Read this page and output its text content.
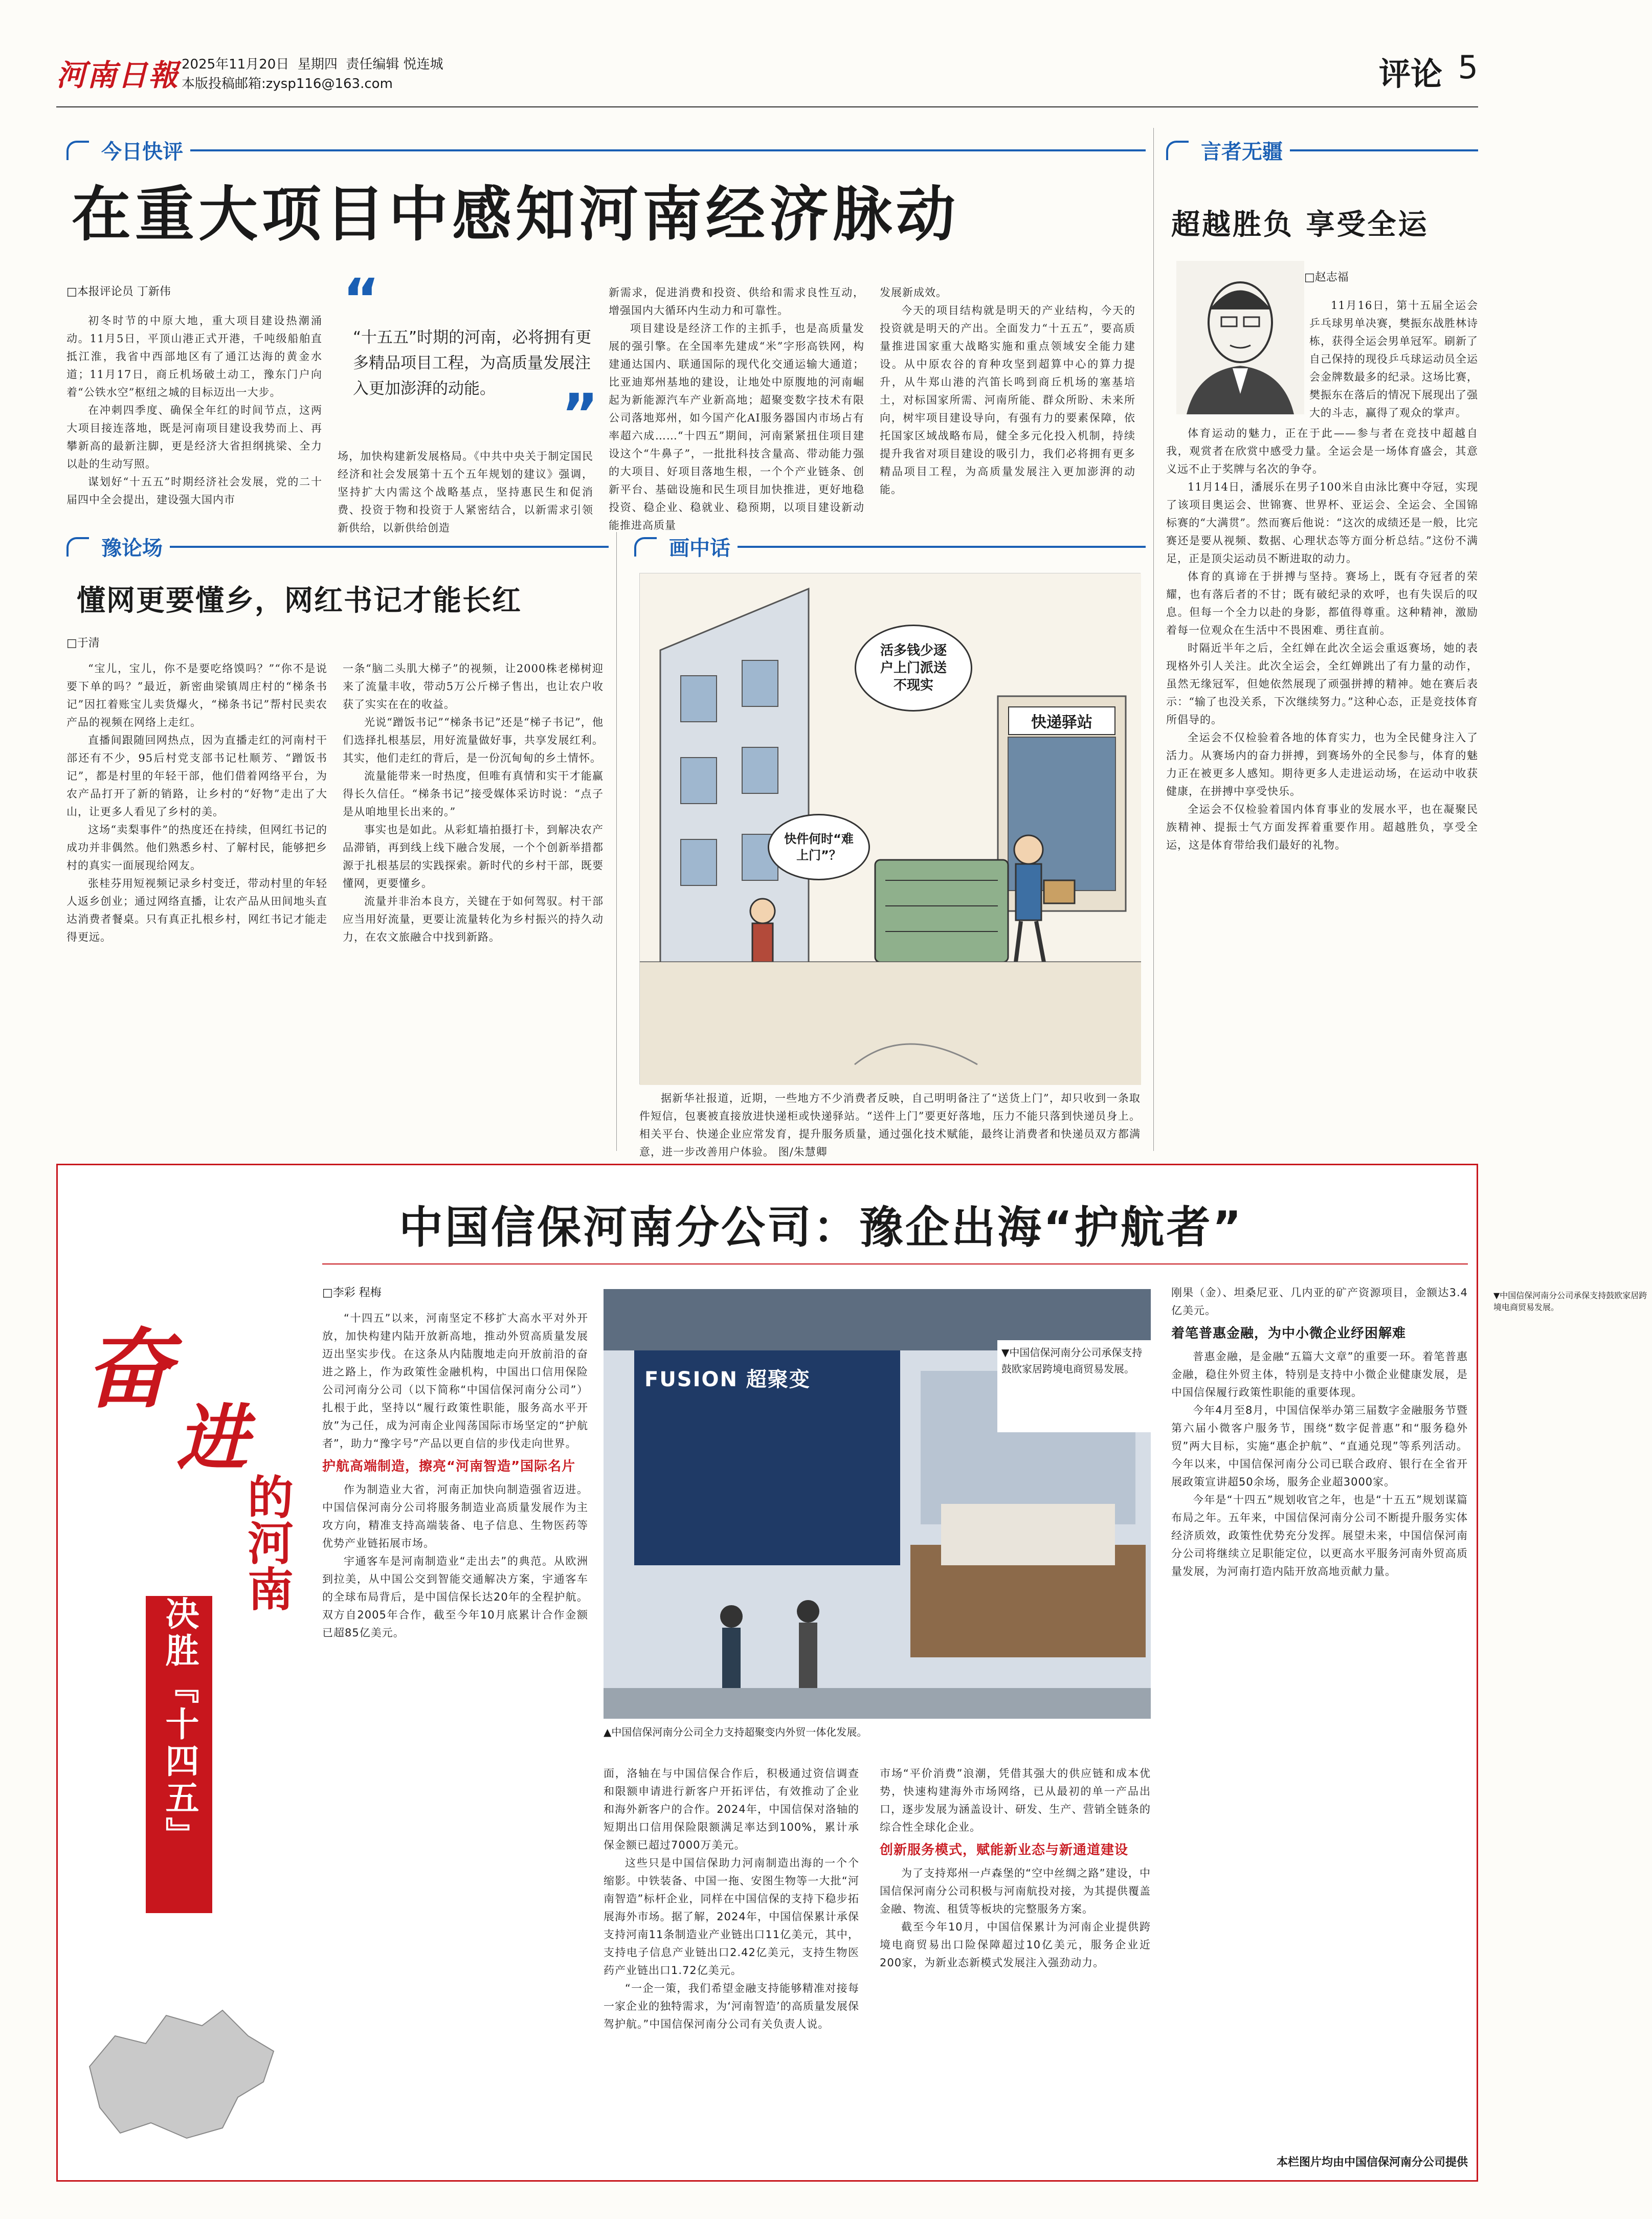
河南日報 2025年11月20日 星期四 责任编辑 悦连城
本版投稿邮箱:zysp116@163.com	评论 5
今日快评
在重大项目中感知河南经济脉动
□本报评论员 丁新伟

初冬时节的中原大地，重大项目建设热潮涌动。11月5日，平顶山港正式开港，千吨级船舶直抵江淮，我省中西部地区有了通江达海的黄金水道；11月17日，商丘机场破土动工，豫东门户向着“公铁水空”枢纽之城的目标迈出一大步。

在冲刺四季度、确保全年红的时间节点，这两大项目接连落地，既是河南项目建设我势而上、再攀新高的最新注脚，更是经济大省担纲挑梁、全力以赴的生动写照。

谋划好“十五五”时期经济社会发展，党的二十届四中全会提出，建设强大国内市

“
“十五五”时期的河南，必将拥有更多精品项目工程，为高质量发展注入更加澎湃的动能。	”

场，加快构建新发展格局。《中共中央关于制定国民经济和社会发展第十五个五年规划的建议》强调，坚持扩大内需这个战略基点，坚持惠民生和促消费、投资于物和投资于人紧密结合，以新需求引领新供给，以新供给创造

新需求，促进消费和投资、供给和需求良性互动，增强国内大循环内生动力和可靠性。

项目建设是经济工作的主抓手，也是高质量发展的强引擎。在全国率先建成“米”字形高铁网，构建通达国内、联通国际的现代化交通运输大通道；比亚迪郑州基地的建设，让地处中原腹地的河南崛起为新能源汽车产业新高地；超聚变数字技术有限公司落地郑州，如今国产化AI服务器国内市场占有率超六成……“十四五”期间，河南紧紧扭住项目建设这个“牛鼻子”，一批批科技含量高、带动能力强的大项目、好项目落地生根，一个个产业链条、创新平台、基础设施和民生项目加快推进，更好地稳投资、稳企业、稳就业、稳预期，以项目建设新动能推进高质量

发展新成效。

今天的项目结构就是明天的产业结构，今天的投资就是明天的产出。全面发力“十五五”，要高质量推进国家重大战略实施和重点领域安全能力建设。从中原农谷的育种攻坚到超算中心的算力提升，从牛郑山港的汽笛长鸣到商丘机场的塞基培土，对标国家所需、河南所能、群众所盼、未来所向，树牢项目建设导向，有强有力的要素保障，依托国家区域战略布局，健全多元化投入机制，持续提升我省对项目建设的吸引力，我们必将拥有更多精品项目工程，为高质量发展注入更加澎湃的动能。

言者无疆
超越胜负 享受全运
□赵志福

11月16日，第十五届全运会乒乓球男单决赛，樊振东战胜林诗栋，获得全运会男单冠军。刷新了自己保持的现役乒乓球运动员全运会金牌数最多的纪录。这场比赛，樊振东在落后的情况下展现出了强大的斗志，赢得了观众的掌声。

体育运动的魅力，正在于此——参与者在竞技中超越自我，观赏者在欣赏中感受力量。全运会是一场体育盛会，其意义远不止于奖牌与名次的争夺。

11月14日，潘展乐在男子100米自由泳比赛中夺冠，实现了该项目奥运会、世锦赛、世界杯、亚运会、全运会、全国锦标赛的“大满贯”。然而赛后他说：“这次的成绩还是一般，比完赛还是要从视频、数据、心理状态等方面分析总结。”这份不满足，正是顶尖运动员不断进取的动力。

体育的真谛在于拼搏与坚持。赛场上，既有夺冠者的荣耀，也有落后者的不甘；既有破纪录的欢呼，也有失误后的叹息。但每一个全力以赴的身影，都值得尊重。这种精神，激励着每一位观众在生活中不畏困难、勇往直前。

时隔近半年之后，全红婵在此次全运会重返赛场，她的表现格外引人关注。此次全运会，全红婵跳出了有力量的动作，虽然无缘冠军，但她依然展现了顽强拼搏的精神。她在赛后表示：“输了也没关系，下次继续努力。”这种心态，正是竞技体育所倡导的。

全运会不仅检验着各地的体育实力，也为全民健身注入了活力。从赛场内的奋力拼搏，到赛场外的全民参与，体育的魅力正在被更多人感知。期待更多人走进运动场，在运动中收获健康，在拼搏中享受快乐。

全运会不仅检验着国内体育事业的发展水平，也在凝聚民族精神、提振士气方面发挥着重要作用。超越胜负，享受全运，这是体育带给我们最好的礼物。

豫论场
懂网更要懂乡，网红书记才能长红
□于清

“宝儿，宝儿，你不是要吃络馍吗？”“你不是说要下单的吗？”最近，新密曲梁镇周庄村的“梯条书记”因扛着账宝儿卖货爆火，“梯条书记”帮村民卖农产品的视频在网络上走红。

直播间跟随回网热点，因为直播走红的河南村干部还有不少，95后村党支部书记杜顺芳、“蹭饭书记”，都是村里的年轻干部，他们借着网络平台，为农产品打开了新的销路，让乡村的“好物”走出了大山，让更多人看见了乡村的美。

这场“卖梨事件”的热度还在持续，但网红书记的成功并非偶然。他们熟悉乡村、了解村民，能够把乡村的真实一面展现给网友。

张桂芬用短视频记录乡村变迁，带动村里的年轻人返乡创业；通过网络直播，让农产品从田间地头直达消费者餐桌。只有真正扎根乡村，网红书记才能走得更远。

一条“脑二头肌大梯子”的视频，让2000株老梯树迎来了流量丰收，带动5万公斤梯子售出，也让农户收获了实实在在的收益。

光说“蹭饭书记”“梯条书记”还是“梯子书记”，他们选择扎根基层，用好流量做好事，共享发展红利。其实，他们走红的背后，是一份沉甸甸的乡土情怀。

流量能带来一时热度，但唯有真情和实干才能赢得长久信任。“梯条书记”接受媒体采访时说：“点子是从咱地里长出来的。”

事实也是如此。从彩虹墙拍摄打卡，到解决农产品滞销，再到线上线下融合发展，一个个创新举措都源于扎根基层的实践探索。新时代的乡村干部，既要懂网，更要懂乡。

流量并非治本良方，关键在于如何驾驭。村干部应当用好流量，更要让流量转化为乡村振兴的持久动力，在农文旅融合中找到新路。

画中话
快递驿站
活多钱少逐户上门派送不现实
快件何时“难上门”？
据新华社报道，近期，一些地方不少消费者反映，自己明明备注了“送货上门”，却只收到一条取件短信，包裹被直接放进快递柜或快递驿站。“送件上门”要更好落地，压力不能只落到快递员身上。相关平台、快递企业应常发育，提升服务质量，通过强化技术赋能，最终让消费者和快递员双方都满意，进一步改善用户体验。 图/朱慧卿
中国信保河南分公司：豫企出海“护航者”
奋
进
的河南
决胜『十四五』
□李彩 程梅
FUSION 超聚变
▼中国信保河南分公司承保支持鼓欧家居跨境电商贸易发展。
▼中国信保河南分公司承保支持鼓欧家居跨境电商贸易发展。
▲中国信保河南分公司全力支持超聚变内外贸一体化发展。

“十四五”以来，河南坚定不移扩大高水平对外开放，加快构建内陆开放新高地，推动外贸高质量发展迈出坚实步伐。在这条从内陆腹地走向开放前沿的奋进之路上，作为政策性金融机构，中国出口信用保险公司河南分公司（以下简称“中国信保河南分公司”）扎根于此，坚持以“履行政策性职能，服务高水平开放”为己任，成为河南企业闯荡国际市场坚定的“护航者”，助力“豫字号”产品以更自信的步伐走向世界。

护航高端制造，擦亮“河南智造”国际名片

作为制造业大省，河南正加快向制造强省迈进。中国信保河南分公司将服务制造业高质量发展作为主攻方向，精准支持高端装备、电子信息、生物医药等优势产业链拓展市场。

宇通客车是河南制造业“走出去”的典范。从欧洲到拉美，从中国公交到智能交通解决方案，宇通客车的全球布局背后，是中国信保长达20年的全程护航。双方自2005年合作，截至今年10月底累计合作金额已超85亿美元。

面，洛轴在与中国信保合作后，积极通过资信调查和限额申请进行新客户开拓评估，有效推动了企业和海外新客户的合作。2024年，中国信保对洛轴的短期出口信用保险限额满足率达到100%，累计承保金额已超过7000万美元。

这些只是中国信保助力河南制造出海的一个个缩影。中铁装备、中国一拖、安图生物等一大批“河南智造”标杆企业，同样在中国信保的支持下稳步拓展海外市场。据了解，2024年，中国信保累计承保支持河南11条制造业产业链出口11亿美元，其中，支持电子信息产业链出口2.42亿美元，支持生物医药产业链出口1.72亿美元。

“一企一策，我们希望金融支持能够精准对接每一家企业的独特需求，为‘河南智造’的高质量发展保驾护航。”中国信保河南分公司有关负责人说。

市场“平价消费”浪潮，凭借其强大的供应链和成本优势，快速构建海外市场网络，已从最初的单一产品出口，逐步发展为涵盖设计、研发、生产、营销全链条的综合性全球化企业。

创新服务模式，赋能新业态与新通道建设

为了支持郑州一卢森堡的“空中丝绸之路”建设，中国信保河南分公司积极与河南航投对接，为其提供覆盖金融、物流、租赁等板块的完整服务方案。

截至今年10月，中国信保累计为河南企业提供跨境电商贸易出口险保障超过10亿美元，服务企业近200家，为新业态新模式发展注入强劲动力。

刚果（金）、坦桑尼亚、几内亚的矿产资源项目，金额达3.4亿美元。

着笔普惠金融，为中小微企业纾困解难

普惠金融，是金融“五篇大文章”的重要一环。着笔普惠金融，稳住外贸主体，特别是支持中小微企业健康发展，是中国信保履行政策性职能的重要体现。

今年4月至8月，中国信保举办第三届数字金融服务节暨第六届小微客户服务节，围绕“数字促普惠”和“服务稳外贸”两大目标，实施“惠企护航”、“直通兑现”等系列活动。今年以来，中国信保河南分公司已联合政府、银行在全省开展政策宣讲超50余场，服务企业超3000家。

今年是“十四五”规划收官之年，也是“十五五”规划谋篇布局之年。五年来，中国信保河南分公司不断提升服务实体经济质效，政策性优势充分发挥。展望未来，中国信保河南分公司将继续立足职能定位，以更高水平服务河南外贸高质量发展，为河南打造内陆开放高地贡献力量。

本栏图片均由中国信保河南分公司提供
